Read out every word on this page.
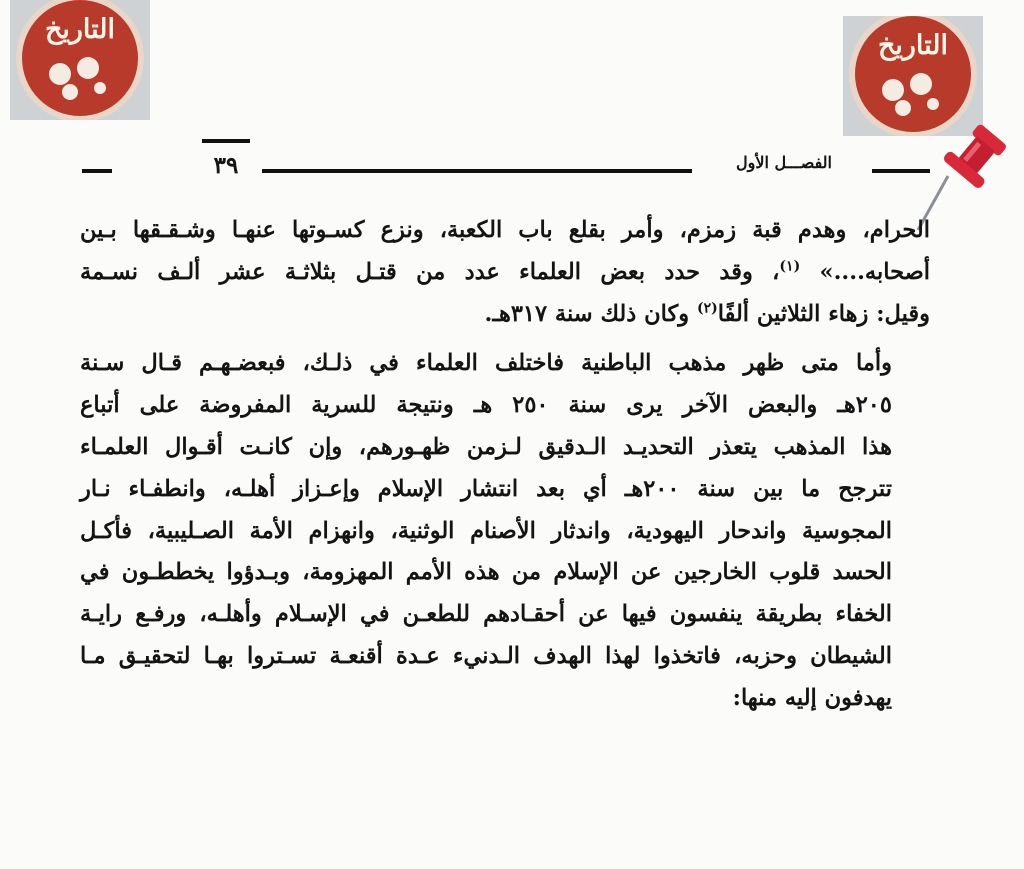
التاريخ
التاريخ
٣٩	الفصـــل الأول
الحرام، وهدم قبة زمزم، وأمر بقلع باب الكعبة، ونزع كسـوتها عنهـا وشـقـقها بـين
أصحابه....» $^{(١)}$، وقد حدد بعض العلماء عدد من قتـل بثلاثـة عشر ألـف نسـمة
وقيل: زهاء الثلاثين ألفًا$^{(٢)}$ وكان ذلك سنة ٣١٧هـ.
وأما متى ظهر مذهب الباطنية فاختلف العلماء في ذلـك، فبعضـهـم قـال سـنة
٢٠٥هـ والبعض الآخر يرى سنة ٢٥٠ هـ ونتيجة للسرية المفروضة على أتباع
هذا المذهب يتعذر التحديـد الـدقيق لـزمن ظهـورهم، وإن كانـت أقـوال العلمـاء
تترجح ما بين سنة ٢٠٠هـ أي بعد انتشار الإسلام وإعـزاز أهلـه، وانطفـاء نـار
المجوسية واندحار اليهودية، واندثار الأصنام الوثنية، وانهزام الأمة الصـليبية، فأكـل
الحسد قلوب الخارجين عن الإسلام من هذه الأمم المهزومة، وبـدؤوا يخططـون في
الخفاء بطريقة ينفسون فيها عن أحقـادهم للطعـن في الإسـلام وأهلـه، ورفـع رايـة
الشيطان وحزبه، فاتخذوا لهذا الهدف الـدنيء عـدة أقنعـة تسـتروا بهـا لتحقيـق مـا
يهدفون إليه منها:
